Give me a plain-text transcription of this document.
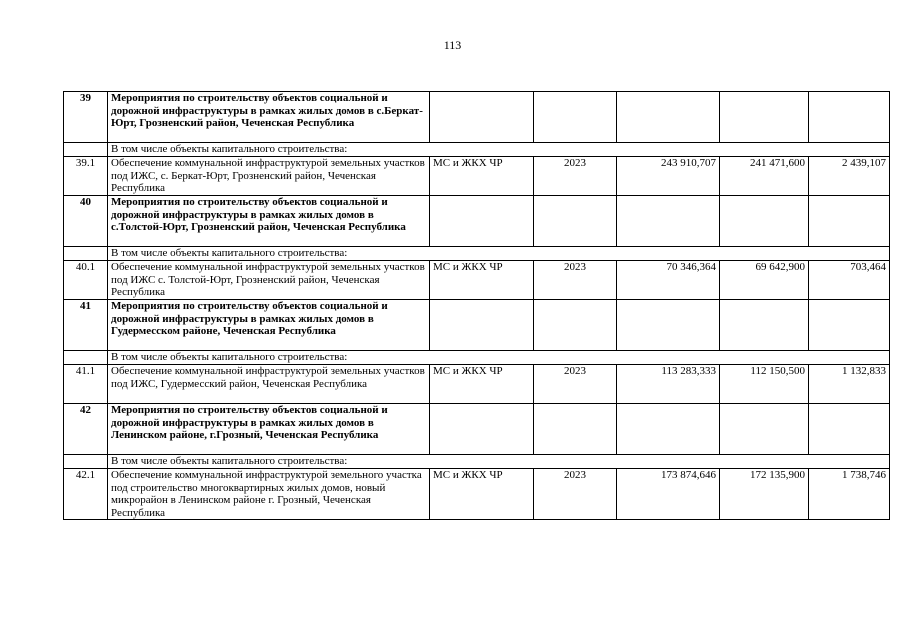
113
39	Мероприятия по строительству объектов социальной и дорожной инфраструктуры в рамках жилых домов в с.Беркат-Юрт, Грозненский район, Чеченская Республика					
	В том числе объекты капитального строительства:					
39.1	Обеспечение коммунальной инфраструктурой земельных участков под ИЖС, с. Беркат-Юрт, Грозненский район, Чеченская Республика	МС и ЖКХ ЧР	2023	243 910,707	241 471,600	2 439,107
40	Мероприятия по строительству объектов социальной и дорожной инфраструктуры в рамках жилых домов в с.Толстой-Юрт, Грозненский район, Чеченская Республика					
	В том числе объекты капитального строительства:					
40.1	Обеспечение коммунальной инфраструктурой земельных участков под ИЖС с. Толстой-Юрт, Грозненский район, Чеченская Республика	МС и ЖКХ ЧР	2023	70 346,364	69 642,900	703,464
41	Мероприятия по строительству объектов социальной и дорожной инфраструктуры в рамках жилых домов в Гудермесском районе, Чеченская Республика					
	В том числе объекты капитального строительства:					
41.1	Обеспечение коммунальной инфраструктурой земельных участков под ИЖС, Гудермесский район, Чеченская Республика	МС и ЖКХ ЧР	2023	113 283,333	112 150,500	1 132,833
42	Мероприятия по строительству объектов социальной и дорожной инфраструктуры в рамках жилых домов в Ленинском районе, г.Грозный, Чеченская Республика					
	В том числе объекты капитального строительства:					
42.1	Обеспечение коммунальной инфраструктурой земельного участка под строительство многоквартирных жилых домов, новый микрорайон в Ленинском районе г. Грозный, Чеченская Республика	МС и ЖКХ ЧР	2023	173 874,646	172 135,900	1 738,746
